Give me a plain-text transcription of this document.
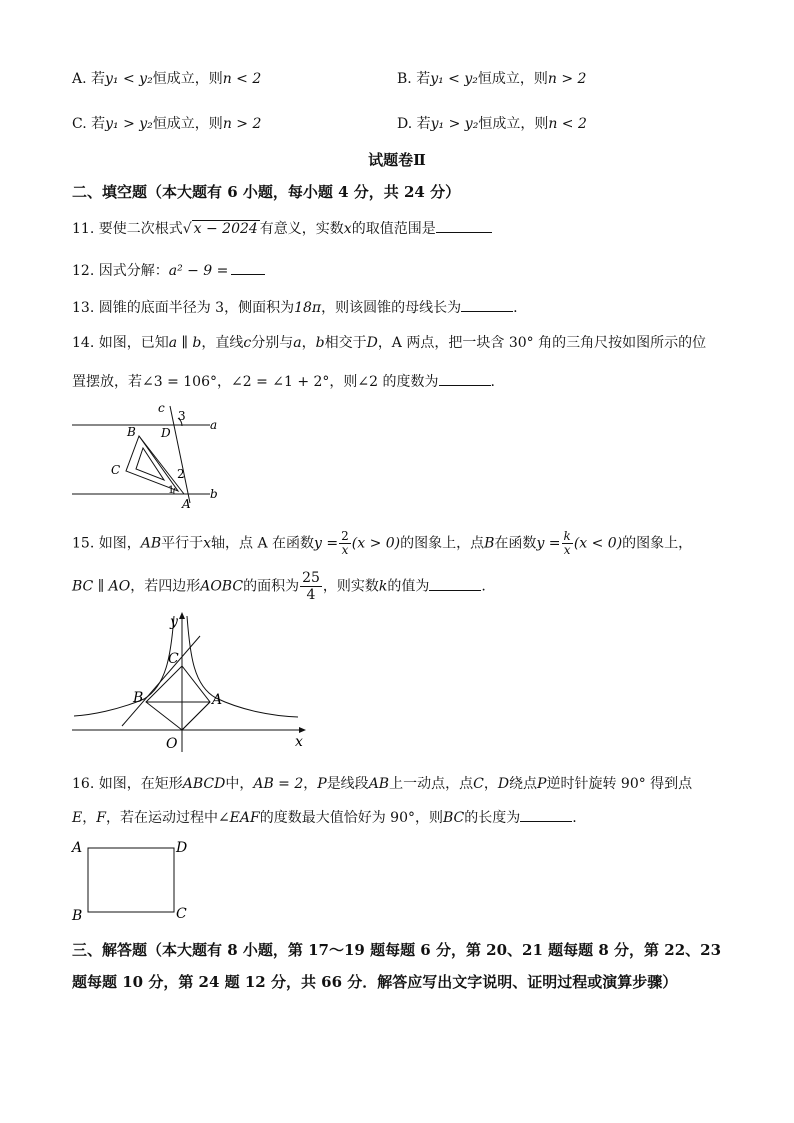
A. 若y₁ < y₂恒成立，则n < 2	B. 若y₁ < y₂恒成立，则n > 2
C. 若y₁ > y₂恒成立，则n > 2	D. 若y₁ > y₂恒成立，则n < 2
试题卷Ⅱ
二、填空题（本大题有 6 小题，每小题 4 分，共 24 分）
11. 要使二次根式√ x − 2024 有意义，实数x的取值范围是
12. 因式分解：a² − 9 =
13. 圆锥的底面半径为 3，侧面积为18π，则该圆锥的母线长为	.
14. 如图，已知a ∥ b，直线c分别与a，b相交于D，A 两点，把一块含 30° 角的三角尺按如图所示的位
置摆放，若∠3 = 106°，∠2 = ∠1 + 2°，则∠2 的度数为	.
c
3
a
B D
C	2
1
A
b
15. 如图，AB平行于x轴，点 A 在函数$y = \frac{2}{x} (x > 0)$的图象上，点B在函数$y = \frac{k}{x} (x < 0)$的图象上，
BC ∥ AO，若四边形AOBC的面积为 $\frac{25}{4}$ ，则实数k的值为	.
y
C
B	A
O	x
16. 如图，在矩形ABCD中，AB = 2，P是线段AB上一动点，点C，D绕点P逆时针旋转 90° 得到点
E，F，若在运动过程中∠EAF的度数最大值恰好为 90°，则BC的长度为	.
A	D
B	C
三、解答题（本大题有 8 小题，第 17～19 题每题 6 分，第 20、21 题每题 8 分，第 22、23
题每题 10 分，第 24 题 12 分，共 66 分．解答应写出文字说明、证明过程或演算步骤）
